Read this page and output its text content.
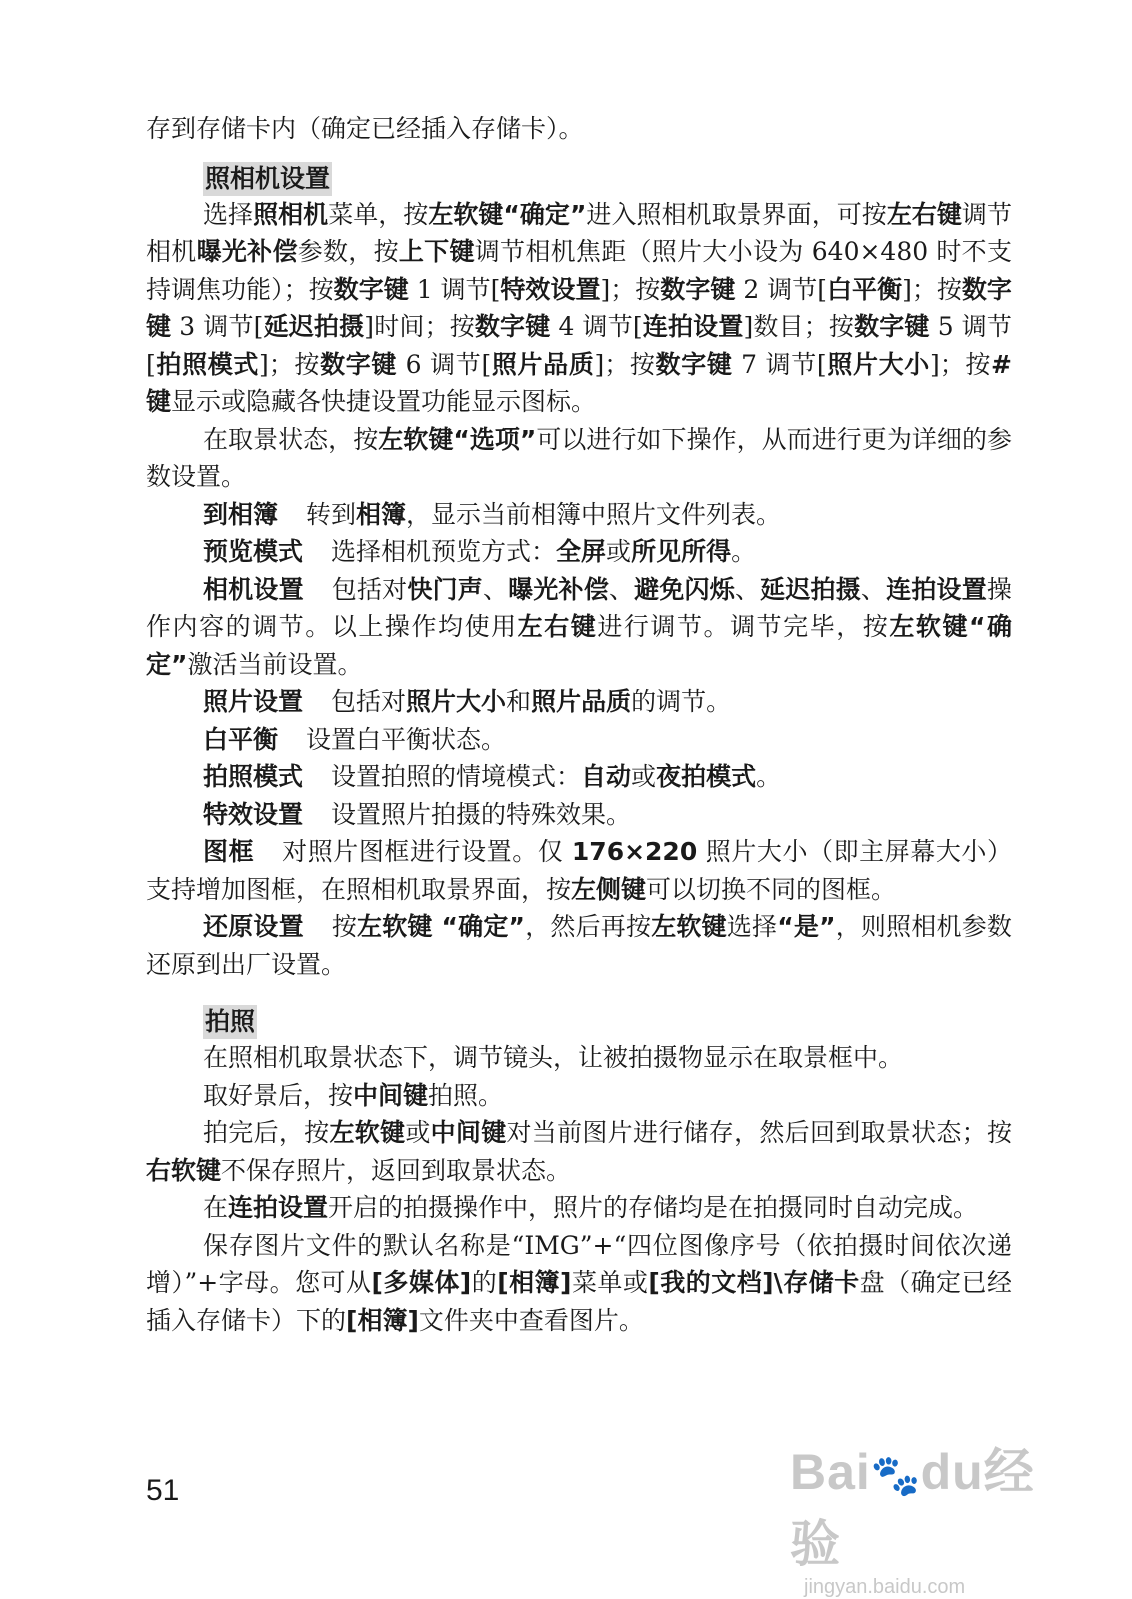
存到存储卡内（确定已经插入存储卡）。

照相机设置

选择照相机菜单，按左软键“确定”进入照相机取景界面，可按左右键调节相机曝光补偿参数，按上下键调节相机焦距（照片大小设为 640×480 时不支持调焦功能）；按数字键 1 调节[特效设置]；按数字键 2 调节[白平衡]；按数字键 3 调节[延迟拍摄]时间；按数字键 4 调节[连拍设置]数目；按数字键 5 调节[拍照模式]；按数字键 6 调节[照片品质]；按数字键 7 调节[照片大小]；按#键显示或隐藏各快捷设置功能显示图标。

在取景状态，按左软键“选项”可以进行如下操作，从而进行更为详细的参数设置。

到相簿 转到相簿，显示当前相簿中照片文件列表。

预览模式 选择相机预览方式：全屏或所见所得。

相机设置 包括对快门声、曝光补偿、避免闪烁、延迟拍摄、连拍设置操作内容的调节。以上操作均使用左右键进行调节。调节完毕，按左软键“确定”激活当前设置。

照片设置 包括对照片大小和照片品质的调节。

白平衡 设置白平衡状态。

拍照模式 设置拍照的情境模式：自动或夜拍模式。

特效设置 设置照片拍摄的特殊效果。

图框 对照片图框进行设置。仅 176×220 照片大小（即主屏幕大小）支持增加图框，在照相机取景界面，按左侧键可以切换不同的图框。

还原设置 按左软键 “确定”，然后再按左软键选择“是”，则照相机参数还原到出厂设置。

拍照

在照相机取景状态下，调节镜头，让被拍摄物显示在取景框中。

取好景后，按中间键拍照。

拍完后，按左软键或中间键对当前图片进行储存，然后回到取景状态；按右软键不保存照片，返回到取景状态。

在连拍设置开启的拍摄操作中，照片的存储均是在拍摄同时自动完成。

保存图片文件的默认名称是“IMG”+“四位图像序号（依拍摄时间依次递增）”+字母。您可从[多媒体]的[相簿]菜单或[我的文档]\存储卡盘（确定已经插入存储卡）下的[相簿]文件夹中查看图片。

51	Bai🐾du经验
jingyan.baidu.com
